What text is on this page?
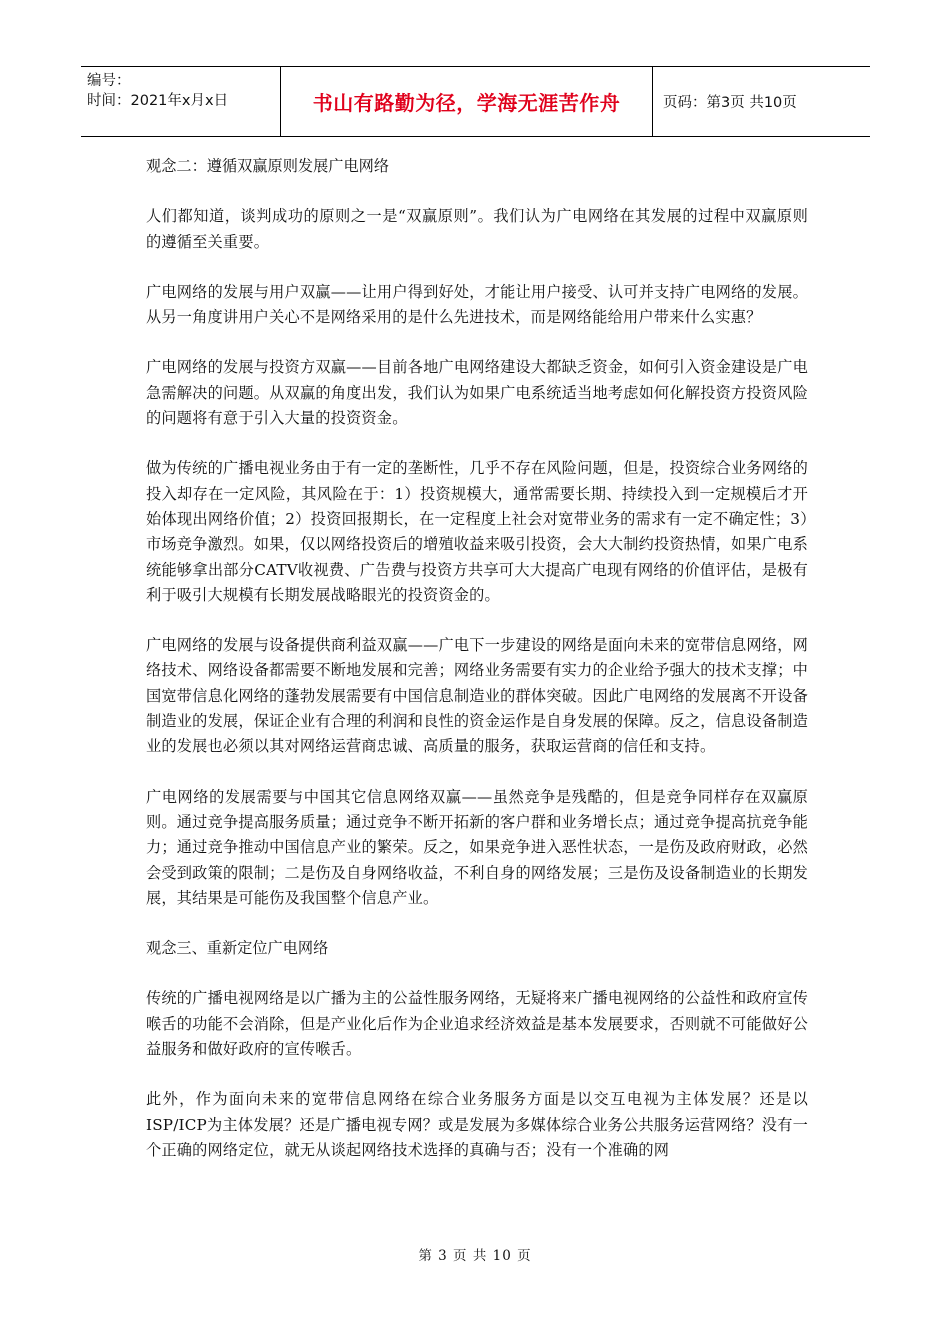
编号：
时间：2021年x月x日	书山有路勤为径，学海无涯苦作舟	页码：第3页 共10页

观念二：遵循双赢原则发展广电网络

人们都知道，谈判成功的原则之一是“双赢原则”。我们认为广电网络在其发展的过程中双赢原则的遵循至关重要。

广电网络的发展与用户双赢——让用户得到好处，才能让用户接受、认可并支持广电网络的发展。从另一角度讲用户关心不是网络采用的是什么先进技术，而是网络能给用户带来什么实惠？

广电网络的发展与投资方双赢——目前各地广电网络建设大都缺乏资金，如何引入资金建设是广电急需解决的问题。从双赢的角度出发，我们认为如果广电系统适当地考虑如何化解投资方投资风险的问题将有意于引入大量的投资资金。

做为传统的广播电视业务由于有一定的垄断性，几乎不存在风险问题，但是，投资综合业务网络的投入却存在一定风险，其风险在于：1）投资规模大，通常需要长期、持续投入到一定规模后才开始体现出网络价值；2）投资回报期长，在一定程度上社会对宽带业务的需求有一定不确定性；3）市场竞争激烈。如果，仅以网络投资后的增殖收益来吸引投资，会大大制约投资热情，如果广电系统能够拿出部分CATV收视费、广告费与投资方共享可大大提高广电现有网络的价值评估，是极有利于吸引大规模有长期发展战略眼光的投资资金的。

广电网络的发展与设备提供商利益双赢——广电下一步建设的网络是面向未来的宽带信息网络，网络技术、网络设备都需要不断地发展和完善；网络业务需要有实力的企业给予强大的技术支撑；中国宽带信息化网络的蓬勃发展需要有中国信息制造业的群体突破。因此广电网络的发展离不开设备制造业的发展，保证企业有合理的利润和良性的资金运作是自身发展的保障。反之，信息设备制造业的发展也必须以其对网络运营商忠诚、高质量的服务，获取运营商的信任和支持。

广电网络的发展需要与中国其它信息网络双赢——虽然竞争是残酷的，但是竞争同样存在双赢原则。通过竞争提高服务质量；通过竞争不断开拓新的客户群和业务增长点；通过竞争提高抗竞争能力；通过竞争推动中国信息产业的繁荣。反之，如果竞争进入恶性状态，一是伤及政府财政，必然会受到政策的限制；二是伤及自身网络收益，不利自身的网络发展；三是伤及设备制造业的长期发展，其结果是可能伤及我国整个信息产业。

观念三、重新定位广电网络

传统的广播电视网络是以广播为主的公益性服务网络，无疑将来广播电视网络的公益性和政府宣传喉舌的功能不会消除，但是产业化后作为企业追求经济效益是基本发展要求，否则就不可能做好公益服务和做好政府的宣传喉舌。

此外，作为面向未来的宽带信息网络在综合业务服务方面是以交互电视为主体发展？还是以ISP/ICP为主体发展？还是广播电视专网？或是发展为多媒体综合业务公共服务运营网络？没有一个正确的网络定位，就无从谈起网络技术选择的真确与否；没有一个准确的网

第 3 页 共 10 页
